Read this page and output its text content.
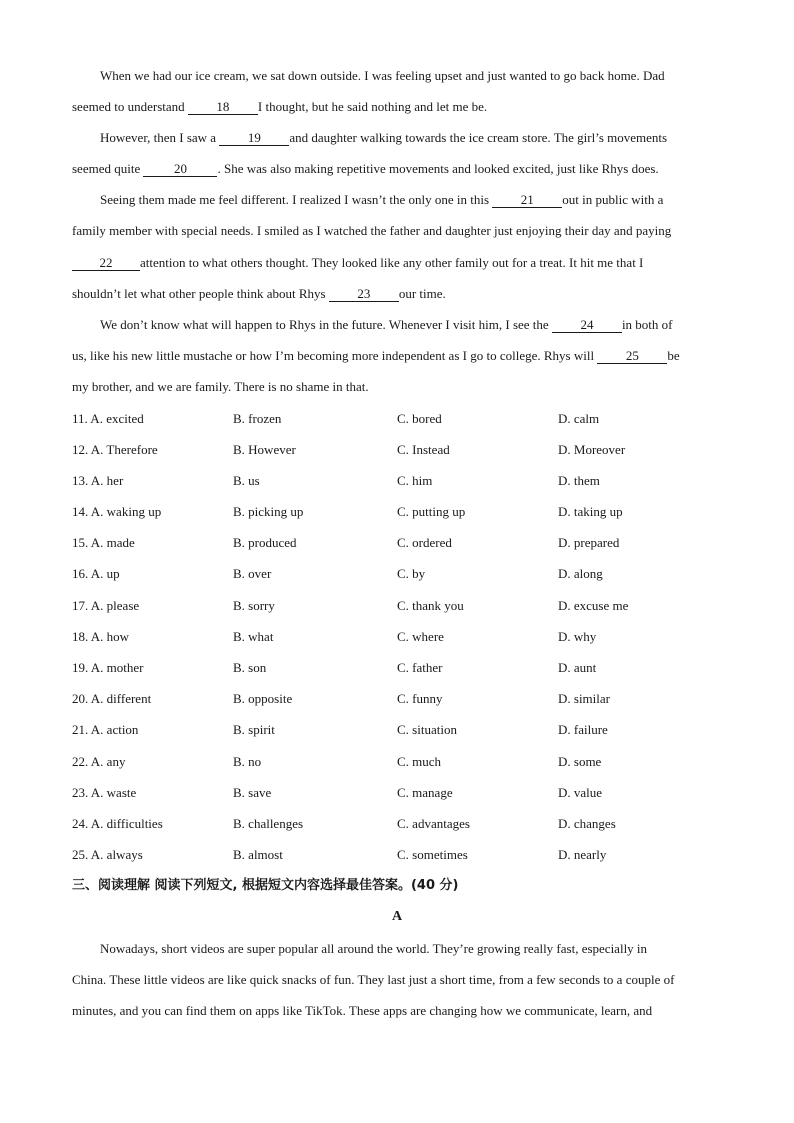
When we had our ice cream, we sat down outside. I was feeling upset and just wanted to go back home. Dad
seemed to understand 18 I thought, but he said nothing and let me be.
However, then I saw a 19 and daughter walking towards the ice cream store. The girl’s movements
seemed quite 20 . She was also making repetitive movements and looked excited, just like Rhys does.
Seeing them made me feel different. I realized I wasn’t the only one in this 21 out in public with a
family member with special needs. I smiled as I watched the father and daughter just enjoying their day and paying
22 attention to what others thought. They looked like any other family out for a treat. It hit me that I
shouldn’t let what other people think about Rhys 23 our time.
We don’t know what will happen to Rhys in the future. Whenever I visit him, I see the 24 in both of
us, like his new little mustache or how I’m becoming more independent as I go to college. Rhys will 25 be
my brother, and we are family. There is no shame in that.
11. A. excited	B. frozen	C. bored	D. calm
12. A. Therefore	B. However	C. Instead	D. Moreover
13. A. her	B. us	C. him	D. them
14. A. waking up	B. picking up	C. putting up	D. taking up
15. A. made	B. produced	C. ordered	D. prepared
16. A. up	B. over	C. by	D. along
17. A. please	B. sorry	C. thank you	D. excuse me
18. A. how	B. what	C. where	D. why
19. A. mother	B. son	C. father	D. aunt
20. A. different	B. opposite	C. funny	D. similar
21. A. action	B. spirit	C. situation	D. failure
22. A. any	B. no	C. much	D. some
23. A. waste	B. save	C. manage	D. value
24. A. difficulties	B. challenges	C. advantages	D. changes
25. A. always	B. almost	C. sometimes	D. nearly
三、阅读理解 阅读下列短文, 根据短文内容选择最佳答案。(40 分)
A
Nowadays, short videos are super popular all around the world. They’re growing really fast, especially in
China. These little videos are like quick snacks of fun. They last just a short time, from a few seconds to a couple of
minutes, and you can find them on apps like TikTok. These apps are changing how we communicate, learn, and
